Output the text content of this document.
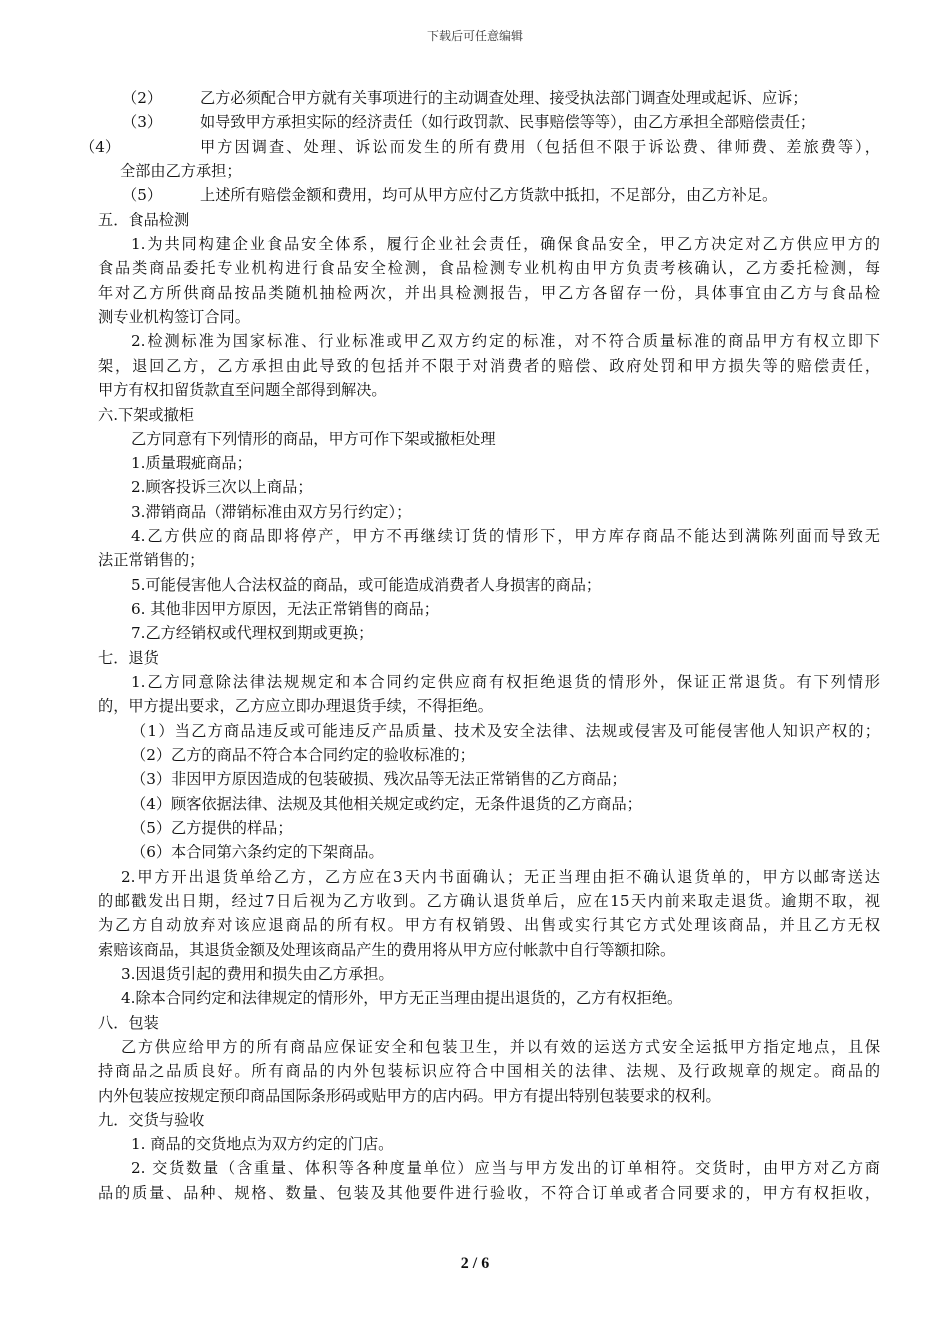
下载后可任意编辑
（2） 乙方必须配合甲方就有关事项进行的主动调查处理、接受执法部门调查处理或起诉、应诉；
（3） 如导致甲方承担实际的经济责任（如行政罚款、民事赔偿等等），由乙方承担全部赔偿责任；
（4）	甲方因调查、处理、诉讼而发生的所有费用（包括但不限于诉讼费、律师费、差旅费等），
全部由乙方承担；
（5） 上述所有赔偿金额和费用，均可从甲方应付乙方货款中抵扣，不足部分，由乙方补足。
五．食品检测
1.为共同构建企业食品安全体系，履行企业社会责任，确保食品安全，甲乙方决定对乙方供应甲方的
食品类商品委托专业机构进行食品安全检测，食品检测专业机构由甲方负责考核确认，乙方委托检测，每
年对乙方所供商品按品类随机抽检两次，并出具检测报告，甲乙方各留存一份，具体事宜由乙方与食品检
测专业机构签订合同。
2.检测标准为国家标准、行业标准或甲乙双方约定的标准，对不符合质量标准的商品甲方有权立即下
架，退回乙方，乙方承担由此导致的包括并不限于对消费者的赔偿、政府处罚和甲方损失等的赔偿责任，
甲方有权扣留货款直至问题全部得到解决。
六.下架或撤柜
乙方同意有下列情形的商品，甲方可作下架或撤柜处理
1.质量瑕疵商品；
2.顾客投诉三次以上商品；
3.滞销商品（滞销标准由双方另行约定）；
4.乙方供应的商品即将停产，甲方不再继续订货的情形下，甲方库存商品不能达到满陈列面而导致无
法正常销售的；
5.可能侵害他人合法权益的商品，或可能造成消费者人身损害的商品；
6. 其他非因甲方原因，无法正常销售的商品；
7.乙方经销权或代理权到期或更换；
七．退货
1.乙方同意除法律法规规定和本合同约定供应商有权拒绝退货的情形外，保证正常退货。有下列情形
的，甲方提出要求，乙方应立即办理退货手续，不得拒绝。
（1）当乙方商品违反或可能违反产品质量、技术及安全法律、法规或侵害及可能侵害他人知识产权的；
（2）乙方的商品不符合本合同约定的验收标准的；
（3）非因甲方原因造成的包装破损、残次品等无法正常销售的乙方商品；
（4）顾客依据法律、法规及其他相关规定或约定，无条件退货的乙方商品；
（5）乙方提供的样品；
（6）本合同第六条约定的下架商品。
2.甲方开出退货单给乙方，乙方应在3天内书面确认；无正当理由拒不确认退货单的，甲方以邮寄送达
的邮戳发出日期，经过7日后视为乙方收到。乙方确认退货单后，应在15天内前来取走退货。逾期不取，视
为乙方自动放弃对该应退商品的所有权。甲方有权销毁、出售或实行其它方式处理该商品，并且乙方无权
索赔该商品，其退货金额及处理该商品产生的费用将从甲方应付帐款中自行等额扣除。
3.因退货引起的费用和损失由乙方承担。
4.除本合同约定和法律规定的情形外，甲方无正当理由提出退货的，乙方有权拒绝。
八．包装
乙方供应给甲方的所有商品应保证安全和包装卫生，并以有效的运送方式安全运抵甲方指定地点，且保
持商品之品质良好。所有商品的内外包装标识应符合中国相关的法律、法规、及行政规章的规定。商品的
内外包装应按规定预印商品国际条形码或贴甲方的店内码。甲方有提出特别包装要求的权利。
九．交货与验收
1. 商品的交货地点为双方约定的门店。
2. 交货数量（含重量、体积等各种度量单位）应当与甲方发出的订单相符。交货时，由甲方对乙方商
品的质量、品种、规格、数量、包装及其他要件进行验收，不符合订单或者合同要求的，甲方有权拒收，
2 / 6
